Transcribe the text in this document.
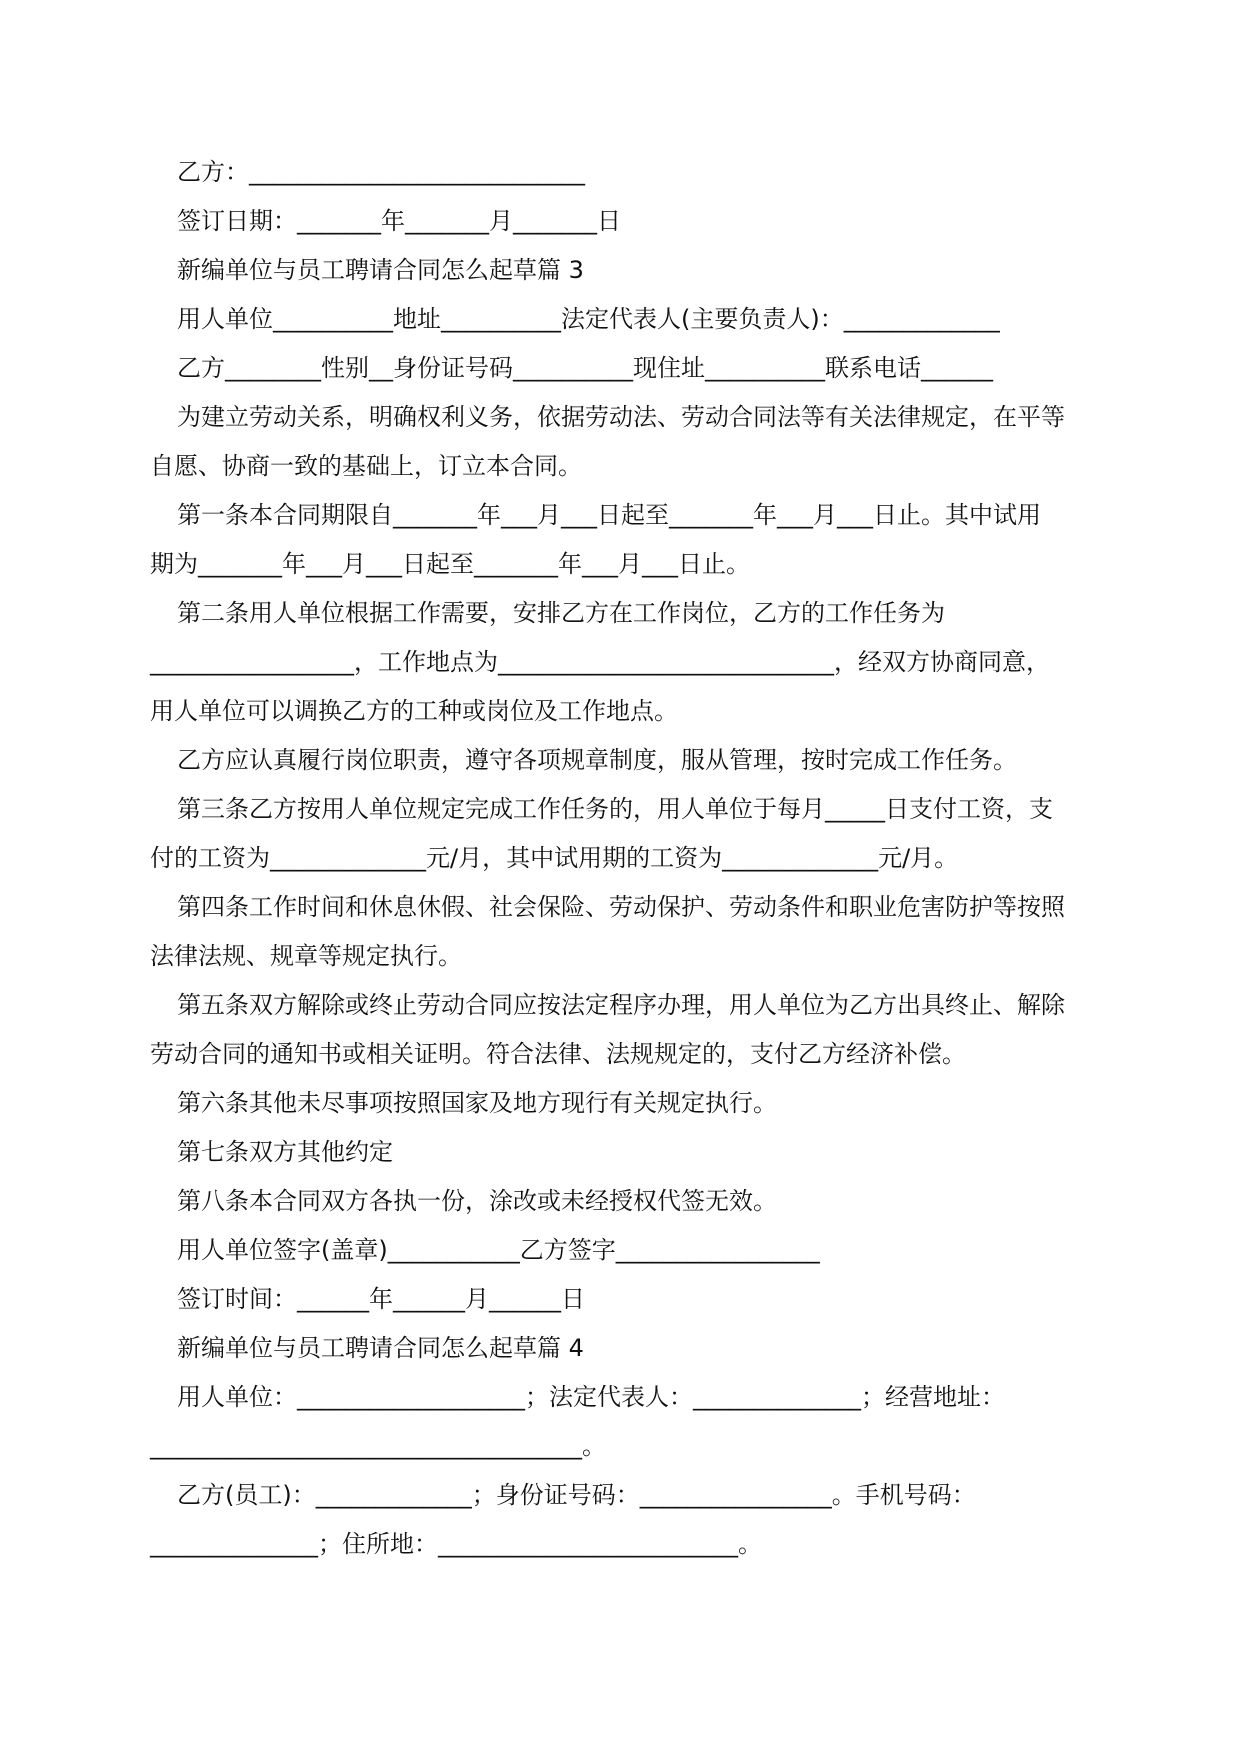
乙方：____________________________
签订日期：_______年_______月_______日
新编单位与员工聘请合同怎么起草篇 3
用人单位__________地址__________法定代表人(主要负责人)：_____________
乙方________性别__身份证号码__________现住址__________联系电话______
为建立劳动关系，明确权利义务，依据劳动法、劳动合同法等有关法律规定，在平等
自愿、协商一致的基础上，订立本合同。
第一条本合同期限自_______年___月___日起至_______年___月___日止。其中试用
期为_______年___月___日起至_______年___月___日止。
第二条用人单位根据工作需要，安排乙方在工作岗位，乙方的工作任务为
_________________，工作地点为____________________________，经双方协商同意，
用人单位可以调换乙方的工种或岗位及工作地点。
乙方应认真履行岗位职责，遵守各项规章制度，服从管理，按时完成工作任务。
第三条乙方按用人单位规定完成工作任务的，用人单位于每月_____日支付工资，支
付的工资为_____________元/月，其中试用期的工资为_____________元/月。
第四条工作时间和休息休假、社会保险、劳动保护、劳动条件和职业危害防护等按照
法律法规、规章等规定执行。
第五条双方解除或终止劳动合同应按法定程序办理，用人单位为乙方出具终止、解除
劳动合同的通知书或相关证明。符合法律、法规规定的，支付乙方经济补偿。
第六条其他未尽事项按照国家及地方现行有关规定执行。
第七条双方其他约定
第八条本合同双方各执一份，涂改或未经授权代签无效。
用人单位签字(盖章)___________乙方签字_________________
签订时间：______年______月______日
新编单位与员工聘请合同怎么起草篇 4
用人单位：___________________；法定代表人：______________；经营地址：
____________________________________。
乙方(员工)：_____________；身份证号码：________________。手机号码：
______________；住所地：_________________________。
